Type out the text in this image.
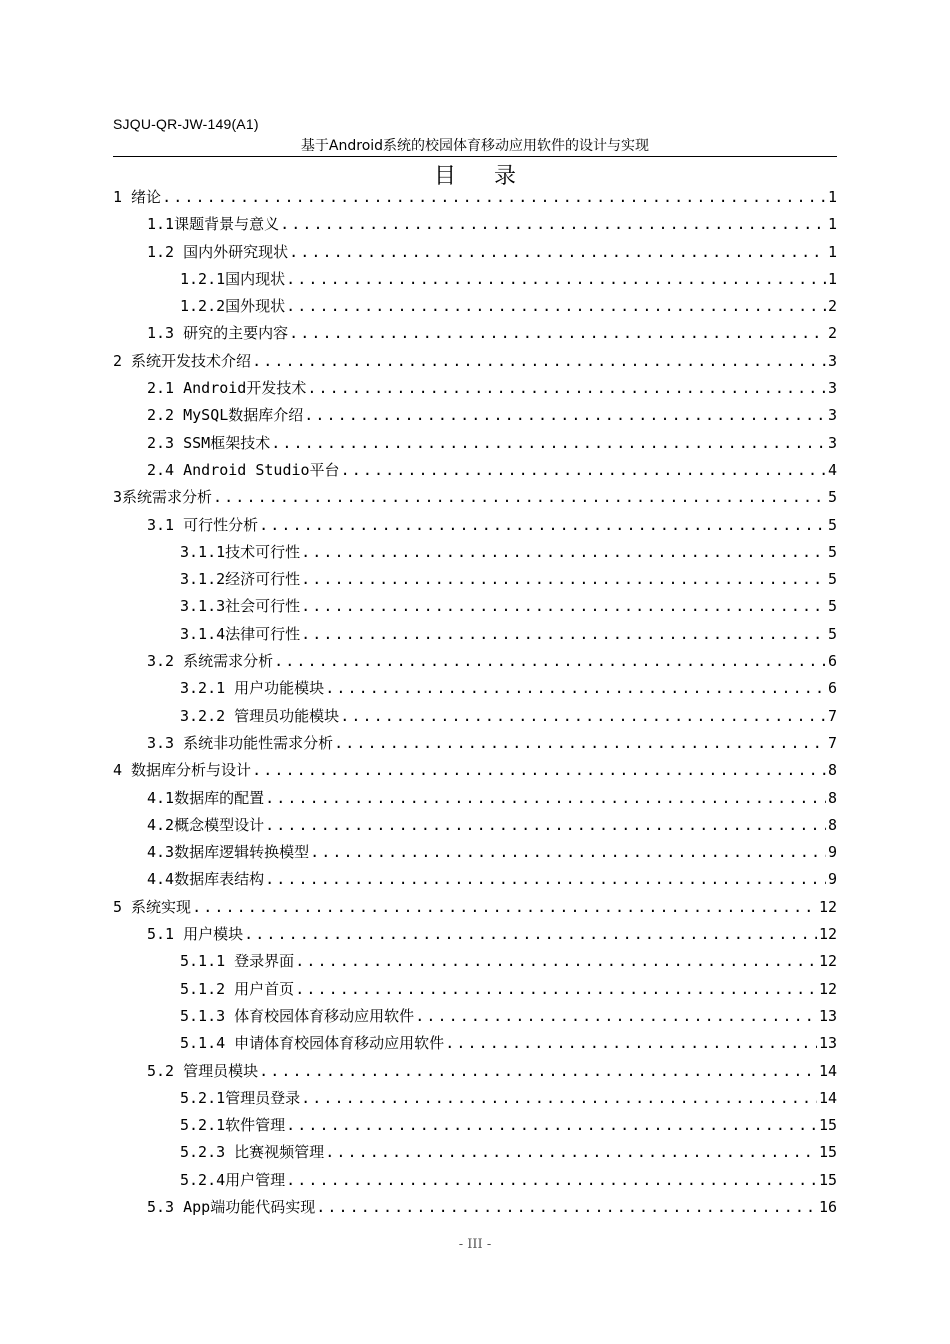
SJQU-QR-JW-149(A1)
基于Android系统的校园体育移动应用软件的设计与实现
目录
1 绪论 .....	1
1.1课题背景与意义 .....	1
1.2 国内外研究现状 .....	1
1.2.1国内现状 .....	1
1.2.2国外现状 .....	2
1.3 研究的主要内容 .....	2
2 系统开发技术介绍 .....	3
2.1 Android开发技术 .....	3
2.2 MySQL数据库介绍 .....	3
2.3 SSM框架技术 .....	3
2.4 Android Studio平台 .....	4
3系统需求分析 .....	5
3.1 可行性分析 .....	5
3.1.1技术可行性 .....	5
3.1.2经济可行性 .....	5
3.1.3社会可行性 .....	5
3.1.4法律可行性 .....	5
3.2 系统需求分析 .....	6
3.2.1 用户功能模块 .....	6
3.2.2 管理员功能模块 .....	7
3.3 系统非功能性需求分析 .....	7
4 数据库分析与设计 .....	8
4.1数据库的配置 .....	8
4.2概念模型设计 .....	8
4.3数据库逻辑转换模型 .....	9
4.4数据库表结构 .....	9
5 系统实现 .....	12
5.1 用户模块 .....	12
5.1.1 登录界面 .....	12
5.1.2 用户首页 .....	12
5.1.3 体育校园体育移动应用软件 .....	13
5.1.4 申请体育校园体育移动应用软件 .....	13
5.2 管理员模块 .....	14
5.2.1管理员登录 .....	14
5.2.1软件管理 .....	15
5.2.3 比赛视频管理 .....	15
5.2.4用户管理 .....	15
5.3 App端功能代码实现 .....	16
- III -
